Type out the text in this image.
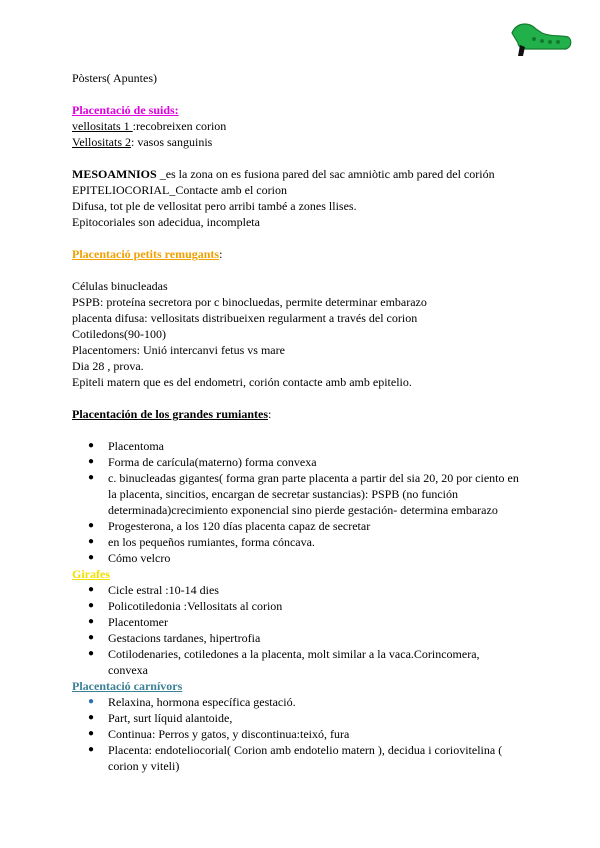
Pòsters( Apuntes)
Placentació de suids:
vellositats 1 :recobreixen corion
Vellositats 2: vasos sanguinis
MESOAMNIOS _es la zona on es fusiona pared del sac amniòtic amb pared del corión
EPITELIOCORIAL_Contacte amb el corion
Difusa, tot ple de vellositat pero arribi també a zones llises.
Epitocoriales son adecidua, incompleta
Placentació petits remugants:
Células binucleadas
PSPB: proteína secretora por c binocluedas, permite determinar embarazo
placenta difusa: vellositats distribueixen regularment a través del corion
Cotiledons(90-100)
Placentomers: Unió intercanvi fetus vs mare
Dia 28 , prova.
Epiteli matern que es del endometri, corión contacte amb amb epitelio.
Placentación de los grandes rumiantes:
● Placentoma
● Forma de carícula(materno) forma convexa
● c. binucleadas gigantes( forma gran parte placenta a partir del sia 20, 20 por ciento en
la placenta, sincitios, encargan de secretar sustancias): PSPB (no función
determinada)crecimiento exponencial sino pierde gestación- determina embarazo
● Progesterona, a los 120 días placenta capaz de secretar
● en los pequeños rumiantes, forma cóncava.
● Cómo velcro
Girafes
● Cicle estral :10-14 dies
● Policotiledonia :Vellositats al corion
● Placentomer
● Gestacions tardanes, hipertrofia
● Cotilodenaries, cotiledones a la placenta, molt similar a la vaca.Corincomera,
convexa
Placentació carnívors
● Relaxina, hormona específica gestació.
● Part, surt líquid alantoide,
● Continua: Perros y gatos, y discontinua:teixó, fura
● Placenta: endoteliocorial( Corion amb endotelio matern ), decidua i coriovitelina (
corion y viteli)
